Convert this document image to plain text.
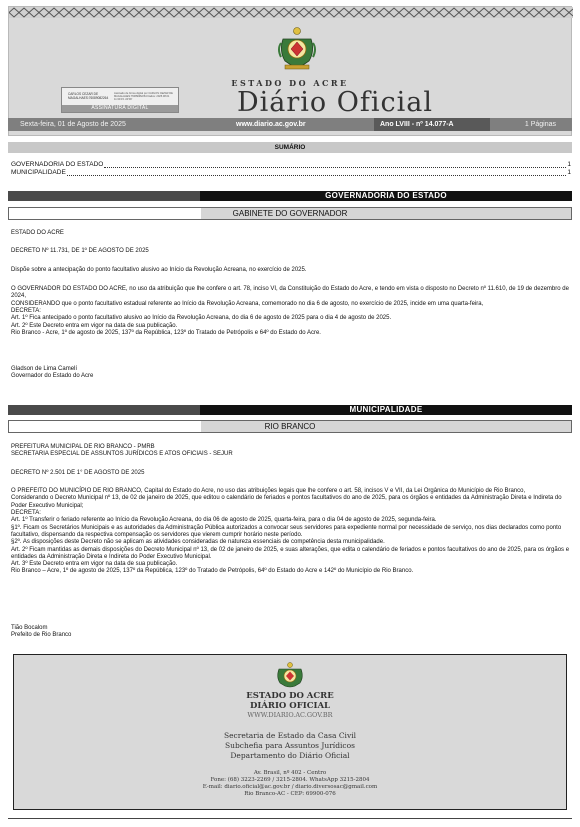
ESTADO DO ACRE
Diário Oficial
CARLOS CEZAR DE MAGALHAES:76089082264
Assinado de forma digital por CARLOS CEZAR DE MAGALHAES:76089082264 Dados: 2025.08.01 11:30:15 -03'00'
ASSINATURA DIGITAL
Sexta-feira, 01 de Agosto de 2025	www.diario.ac.gov.br	Ano LVIII - nº 14.077-A	1 Páginas
SUMÁRIO
GOVERNADORIA DO ESTADO	1
MUNICIPALIDADE	1
GOVERNADORIA DO ESTADO
GABINETE DO GOVERNADOR
ESTADO DO ACRE
DECRETO Nº 11.731, DE 1º DE AGOSTO DE 2025
Dispõe sobre a antecipação do ponto facultativo alusivo ao Início da Revolução Acreana, no exercício de 2025.
O GOVERNADOR DO ESTADO DO ACRE, no uso da atribuição que lhe confere o art. 78, inciso VI, da Constituição do Estado do Acre, e tendo em vista o disposto no Decreto nº 11.610, de 19 de dezembro de 2024,
CONSIDERANDO que o ponto facultativo estadual referente ao Início da Revolução Acreana, comemorado no dia 6 de agosto, no exercício de 2025, incide em uma quarta-feira,
DECRETA:
Art. 1º Fica antecipado o ponto facultativo alusivo ao Início da Revolução Acreana, do dia 6 de agosto de 2025 para o dia 4 de agosto de 2025.
Art. 2º Este Decreto entra em vigor na data de sua publicação.
Rio Branco - Acre, 1º de agosto de 2025, 137º da República, 123º do Tratado de Petrópolis e 64º do Estado do Acre.
Gladson de Lima Camelí
Governador do Estado do Acre
MUNICIPALIDADE
RIO BRANCO
PREFEITURA MUNICIPAL DE RIO BRANCO - PMRB
SECRETARIA ESPECIAL DE ASSUNTOS JURÍDICOS E ATOS OFICIAIS - SEJUR
DECRETO Nº 2.501 DE 1° DE AGOSTO DE 2025
O PREFEITO DO MUNICÍPIO DE RIO BRANCO, Capital do Estado do Acre, no uso das atribuições legais que lhe confere o art. 58, incisos V e VII, da Lei Orgânica do Município de Rio Branco,
Considerando o Decreto Municipal nº 13, de 02 de janeiro de 2025, que editou o calendário de feriados e pontos facultativos do ano de 2025, para os órgãos e entidades da Administração Direta e Indireta do Poder Executivo Municipal;
DECRETA:
Art. 1º Transferir o feriado referente ao Início da Revolução Acreana, do dia 06 de agosto de 2025, quarta-feira, para o dia 04 de agosto de 2025, segunda-feira.
§1º. Ficam os Secretários Municipais e as autoridades da Administração Pública autorizados a convocar seus servidores para expediente normal por necessidade de serviço, nos dias declarados como ponto facultativo, dispensando da respectiva compensação os servidores que vierem cumprir horário neste período.
§2º. As disposições deste Decreto não se aplicam as atividades consideradas de natureza essenciais de competência desta municipalidade.
Art. 2º Ficam mantidas as demais disposições do Decreto Municipal nº 13, de 02 de janeiro de 2025, e suas alterações, que edita o calendário de feriados e pontos facultativos do ano de 2025, para os órgãos e entidades da Administração Direta e Indireta do Poder Executivo Municipal.
Art. 3º Este Decreto entra em vigor na data de sua publicação.
Rio Branco – Acre, 1º de agosto de 2025, 137º da República, 123º do Tratado de Petrópolis, 64º do Estado do Acre e 142º do Município de Rio Branco.
Tião Bocalom
Prefeito de Rio Branco
ESTADO DO ACRE
DIÁRIO OFICIAL
WWW.DIARIO.AC.GOV.BR
Secretaria de Estado da Casa Civil
Subchefia para Assuntos Jurídicos
Departamento do Diário Oficial
Av. Brasil, nº 402 - Centro
Fone: (68) 3223-2269 / 3215-2804. WhatsApp 3215-2804
E-mail: diario.oficial@ac.gov.br / diario.diversosac@gmail.com
Rio Branco-AC - CEP: 69900-076
